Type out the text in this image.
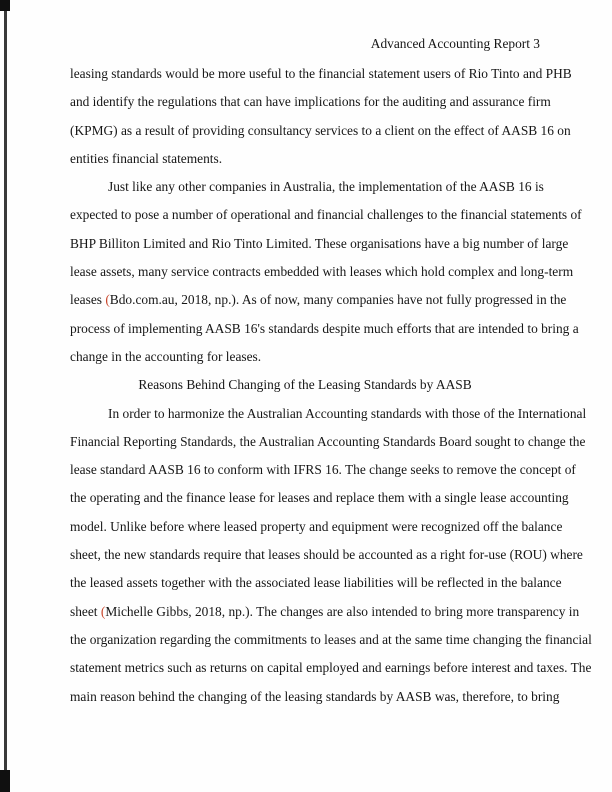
Advanced Accounting Report 3
leasing standards would be more useful to the financial statement users of Rio Tinto and PHB
and identify the regulations that can have implications for the auditing and assurance firm
(KPMG) as a result of providing consultancy services to a client on the effect of AASB 16 on
entities financial statements.
Just like any other companies in Australia, the implementation of the AASB 16 is
expected to pose a number of operational and financial challenges to the financial statements of
BHP Billiton Limited and Rio Tinto Limited. These organisations have a big number of large
lease assets, many service contracts embedded with leases which hold complex and long-term
leases (Bdo.com.au, 2018, np.). As of now, many companies have not fully progressed in the
process of implementing AASB 16's standards despite much efforts that are intended to bring a
change in the accounting for leases.
Reasons Behind Changing of the Leasing Standards by AASB
In order to harmonize the Australian Accounting standards with those of the International
Financial Reporting Standards, the Australian Accounting Standards Board sought to change the
lease standard AASB 16 to conform with IFRS 16. The change seeks to remove the concept of
the operating and the finance lease for leases and replace them with a single lease accounting
model. Unlike before where leased property and equipment were recognized off the balance
sheet, the new standards require that leases should be accounted as a right for-use (ROU) where
the leased assets together with the associated lease liabilities will be reflected in the balance
sheet (Michelle Gibbs, 2018, np.). The changes are also intended to bring more transparency in
the organization regarding the commitments to leases and at the same time changing the financial
statement metrics such as returns on capital employed and earnings before interest and taxes. The
main reason behind the changing of the leasing standards by AASB was, therefore, to bring
